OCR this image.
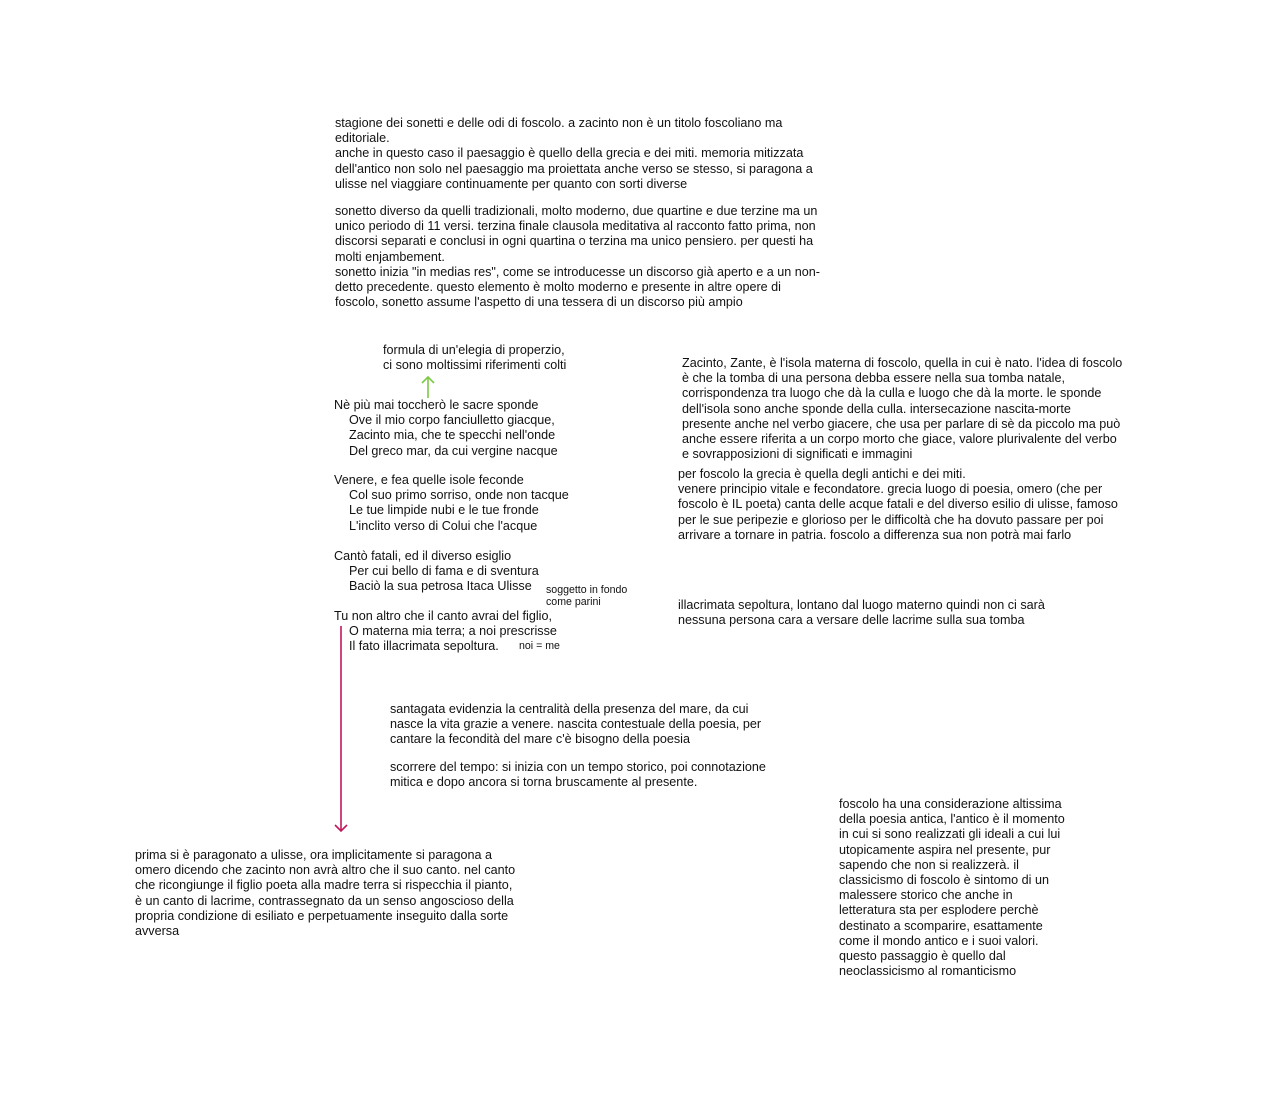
stagione dei sonetti e delle odi di foscolo. a zacinto non è un titolo foscoliano ma
editoriale.
anche in questo caso il paesaggio è quello della grecia e dei miti. memoria mitizzata
dell'antico non solo nel paesaggio ma proiettata anche verso se stesso, si paragona a
ulisse nel viaggiare continuamente per quanto con sorti diverse
sonetto diverso da quelli tradizionali, molto moderno, due quartine e due terzine ma un
unico periodo di 11 versi. terzina finale clausola meditativa al racconto fatto prima, non
discorsi separati e conclusi in ogni quartina o terzina ma unico pensiero. per questi ha
molti enjambement.
sonetto inizia "in medias res", come se introducesse un discorso già aperto e a un non-
detto precedente. questo elemento è molto moderno e presente in altre opere di
foscolo, sonetto assume l'aspetto di una tessera di un discorso più ampio
formula di un'elegia di properzio,
ci sono moltissimi riferimenti colti
Nè più mai toccherò le sacre sponde
Ove il mio corpo fanciulletto giacque,
Zacinto mia, che te specchi nell'onde
Del greco mar, da cui vergine nacque
Venere, e fea quelle isole feconde
Col suo primo sorriso, onde non tacque
Le tue limpide nubi e le tue fronde
L'inclito verso di Colui che l'acque
Cantò fatali, ed il diverso esiglio
Per cui bello di fama e di sventura
Baciò la sua petrosa Itaca Ulisse
Tu non altro che il canto avrai del figlio,
O materna mia terra; a noi prescrisse
Il fato illacrimata sepoltura.
soggetto in fondo
come parini
noi = me
Zacinto, Zante, è l'isola materna di foscolo, quella in cui è nato. l'idea di foscolo
è che la tomba di una persona debba essere nella sua tomba natale,
corrispondenza tra luogo che dà la culla e luogo che dà la morte. le sponde
dell'isola sono anche sponde della culla. intersecazione nascita-morte
presente anche nel verbo giacere, che usa per parlare di sè da piccolo ma può
anche essere riferita a un corpo morto che giace, valore plurivalente del verbo
e sovrapposizioni di significati e immagini
per foscolo la grecia è quella degli antichi e dei miti.
venere principio vitale e fecondatore. grecia luogo di poesia, omero (che per
foscolo è IL poeta) canta delle acque fatali e del diverso esilio di ulisse, famoso
per le sue peripezie e glorioso per le difficoltà che ha dovuto passare per poi
arrivare a tornare in patria. foscolo a differenza sua non potrà mai farlo
illacrimata sepoltura, lontano dal luogo materno quindi non ci sarà
nessuna persona cara a versare delle lacrime sulla sua tomba
santagata evidenzia la centralità della presenza del mare, da cui
nasce la vita grazie a venere. nascita contestuale della poesia, per
cantare la fecondità del mare c'è bisogno della poesia
scorrere del tempo: si inizia con un tempo storico, poi connotazione
mitica e dopo ancora si torna bruscamente al presente.
prima si è paragonato a ulisse, ora implicitamente si paragona a
omero dicendo che zacinto non avrà altro che il suo canto. nel canto
che ricongiunge il figlio poeta alla madre terra si rispecchia il pianto,
è un canto di lacrime, contrassegnato da un senso angoscioso della
propria condizione di esiliato e perpetuamente inseguito dalla sorte
avversa
foscolo ha una considerazione altissima
della poesia antica, l'antico è il momento
in cui si sono realizzati gli ideali a cui lui
utopicamente aspira nel presente, pur
sapendo che non si realizzerà. il
classicismo di foscolo è sintomo di un
malessere storico che anche in
letteratura sta per esplodere perchè
destinato a scomparire, esattamente
come il mondo antico e i suoi valori.
questo passaggio è quello dal
neoclassicismo al romanticismo
